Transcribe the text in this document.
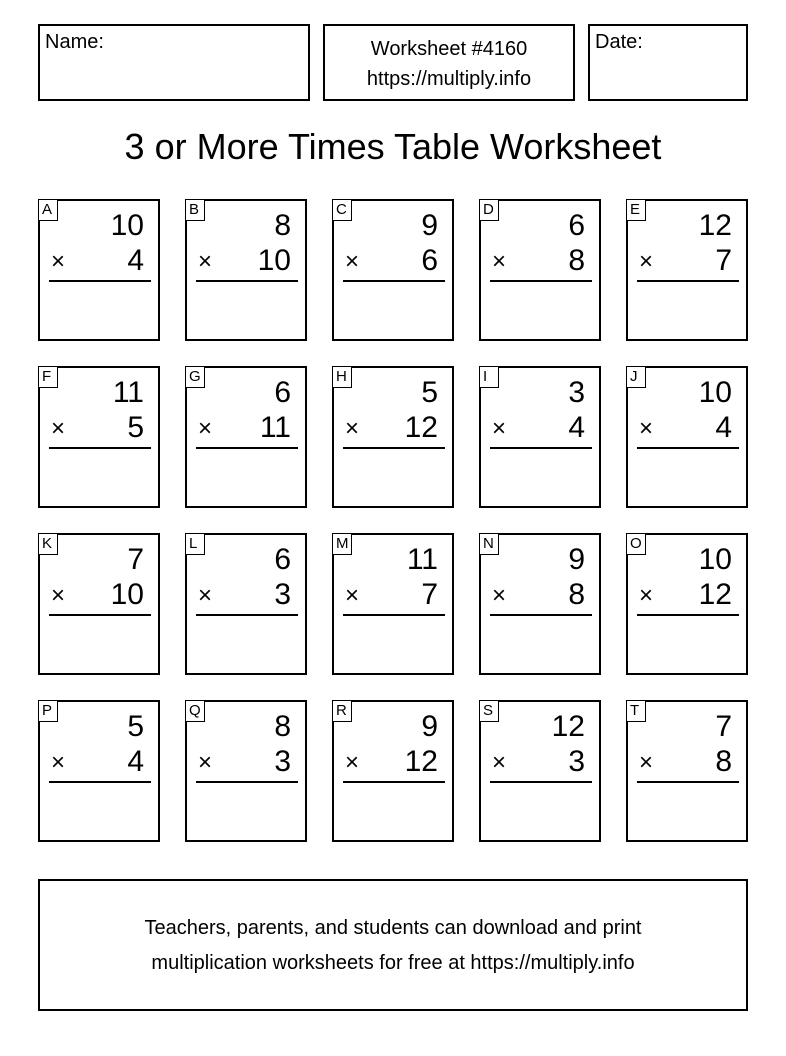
Name:	Worksheet #4160
https://multiply.info
Date:
3 or More Times Table Worksheet
A 10
× 4
B	8
× 10
C 9
× 6
D 6
× 8
E 12
× 7
F 11
× 5
G 6
× 11
H 5
× 12
I	3
× 4
J 10
× 4
K	7
× 10
L	6
× 3
M 11
× 7
N 9
× 8
O 10
× 12
P	5
× 4
Q 8
× 3
R 9
× 12
S 12
× 3
T	7
× 8
Teachers, parents, and students can download and print
multiplication worksheets for free at https://multiply.info
